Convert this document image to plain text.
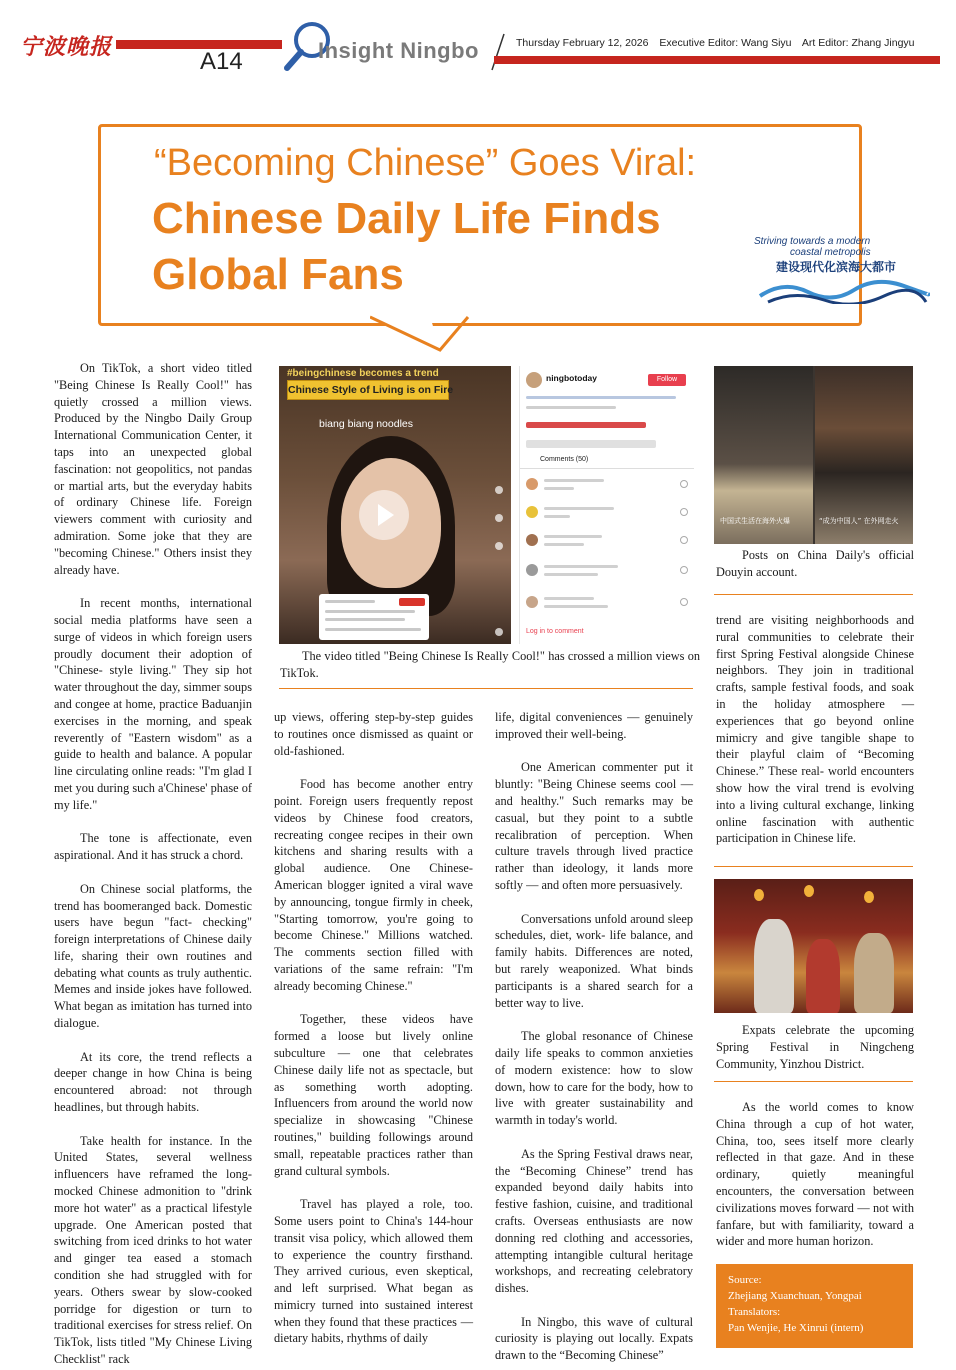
宁波晚报
A14	Insight Ningbo	Thursday February 12, 2026 Executive Editor: Wang Siyu Art Editor: Zhang Jingyu
“Becoming Chinese” Goes Viral:
Chinese Daily Life Finds
Global Fans
Striving towards a modern
coastal metropolis
建设现代化滨海大都市
#beingchinese becomes a trend
Chinese Style of Living is on Fire
biang biang noodles
ningbotoday	Follow
Comments (50)
Log in to comment
The video titled "Being Chinese Is Really Cool!" has crossed a million views on TikTok.
中国式生活在海外火爆	“成为中国人” 在外网走火
Posts on China Daily's official Douyin account.

On TikTok, a short video titled "Being Chinese Is Really Cool!" has quietly crossed a million views. Produced by the Ningbo Daily Group International Communication Center, it taps into an unexpected global fascination: not geopolitics, not pandas or martial arts, but the everyday habits of ordinary Chinese life. Foreign viewers comment with curiosity and admiration. Some joke that they are "becoming Chinese." Others insist they already have.

In recent months, international social media platforms have seen a surge of videos in which foreign users proudly document their adoption of "Chinese- style living." They sip hot water throughout the day, simmer soups and congee at home, practice Baduanjin exercises in the morning, and speak reverently of "Eastern wisdom" as a guide to health and balance. A popular line circulating online reads: "I'm glad I met you during such a'Chinese' phase of my life."

The tone is affectionate, even aspirational. And it has struck a chord.

On Chinese social platforms, the trend has boomeranged back. Domestic users have begun "fact- checking" foreign interpretations of Chinese daily life, sharing their own routines and debating what counts as truly authentic. Memes and inside jokes have followed. What began as imitation has turned into dialogue.

At its core, the trend reflects a deeper change in how China is being encountered abroad: not through headlines, but through habits.

Take health for instance. In the United States, several wellness influencers have reframed the long-mocked Chinese admonition to "drink more hot water" as a practical lifestyle upgrade. One American posted that switching from iced drinks to hot water and ginger tea eased a stomach condition she had struggled with for years. Others swear by slow-cooked porridge for digestion or turn to traditional exercises for stress relief. On TikTok, lists titled "My Chinese Living Checklist" rack

up views, offering step-by-step guides to routines once dismissed as quaint or old-fashioned.

Food has become another entry point. Foreign users frequently repost videos by Chinese food creators, recreating congee recipes in their own kitchens and sharing results with a global audience. One Chinese- American blogger ignited a viral wave by announcing, tongue firmly in cheek, "Starting tomorrow, you're going to become Chinese." Millions watched. The comments section filled with variations of the same refrain: "I'm already becoming Chinese."

Together, these videos have formed a loose but lively online subculture — one that celebrates Chinese daily life not as spectacle, but as something worth adopting. Influencers from around the world now specialize in showcasing "Chinese routines," building followings around small, repeatable practices rather than grand cultural symbols.

Travel has played a role, too. Some users point to China's 144-hour transit visa policy, which allowed them to experience the country firsthand. They arrived curious, even skeptical, and left surprised. What began as mimicry turned into sustained interest when they found that these practices — dietary habits, rhythms of daily

life, digital conveniences — genuinely improved their well-being.

One American commenter put it bluntly: "Being Chinese seems cool — and healthy." Such remarks may be casual, but they point to a subtle recalibration of perception. When culture travels through lived practice rather than ideology, it lands more softly — and often more persuasively.

Conversations unfold around sleep schedules, diet, work- life balance, and family habits. Differences are noted, but rarely weaponized. What binds participants is a shared search for a better way to live.

The global resonance of Chinese daily life speaks to common anxieties of modern existence: how to slow down, how to care for the body, how to live with greater sustainability and warmth in today's world.

As the Spring Festival draws near, the “Becoming Chinese” trend has expanded beyond daily habits into festive fashion, cuisine, and traditional crafts. Overseas enthusiasts are now donning red clothing and accessories, attempting intangible cultural heritage workshops, and recreating celebratory dishes.

In Ningbo, this wave of cultural curiosity is playing out locally. Expats drawn to the “Becoming Chinese”

trend are visiting neighborhoods and rural communities to celebrate their first Spring Festival alongside Chinese neighbors. They join in traditional crafts, sample festival foods, and soak in the holiday atmosphere — experiences that go beyond online mimicry and give tangible shape to their playful claim of “Becoming Chinese.” These real- world encounters show how the viral trend is evolving into a living cultural exchange, linking online fascination with authentic participation in Chinese life.

Expats celebrate the upcoming Spring Festival in Ningcheng Community, Yinzhou District.

As the world comes to know China through a cup of hot water, China, too, sees itself more clearly reflected in that gaze. And in these ordinary, quietly meaningful encounters, the conversation between civilizations moves forward — not with fanfare, but with familiarity, toward a wider and more human horizon.

Source:
Zhejiang Xuanchuan, Yongpai
Translators:
Pan Wenjie, He Xinrui (intern)
